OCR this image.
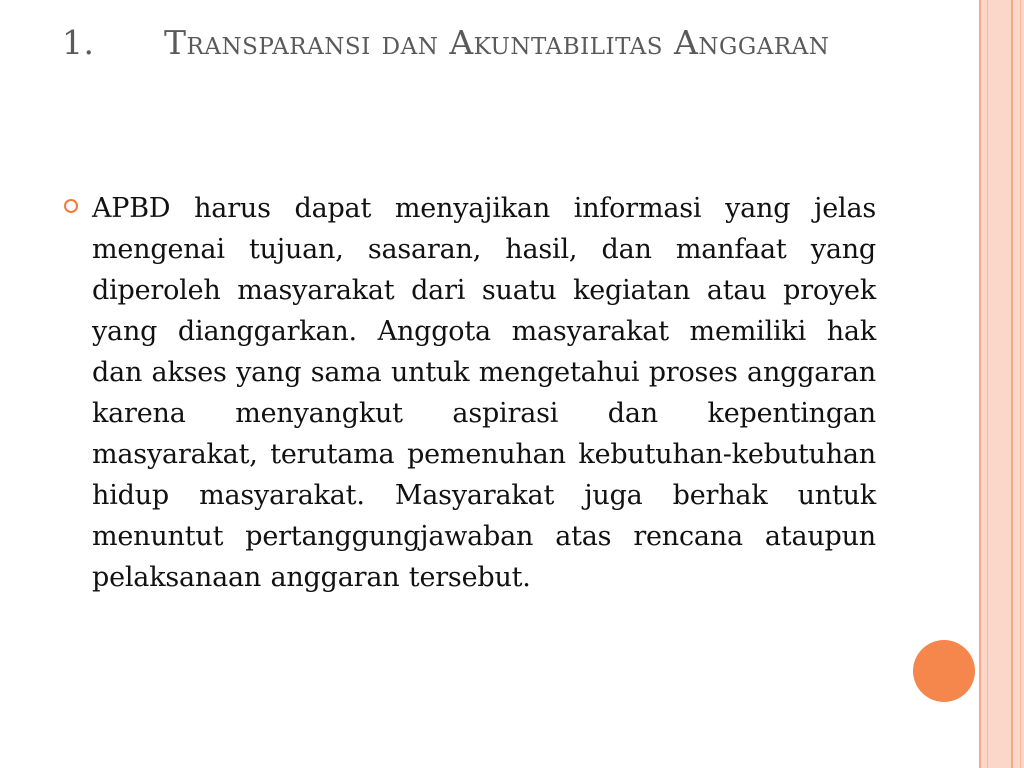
1. Transparansi dan Akuntabilitas Anggaran

APBD harus dapat menyajikan informasi yang jelas mengenai tujuan, sasaran, hasil, dan manfaat yang diperoleh masyarakat dari suatu kegiatan atau proyek yang dianggarkan. Anggota masyarakat memiliki hak dan akses yang sama untuk mengetahui proses anggaran karena menyangkut aspirasi dan kepentingan masyarakat, terutama pemenuhan kebutuhan-kebutuhan hidup masyarakat. Masyarakat juga berhak untuk menuntut pertanggungjawaban atas rencana ataupun pelaksanaan anggaran tersebut.
